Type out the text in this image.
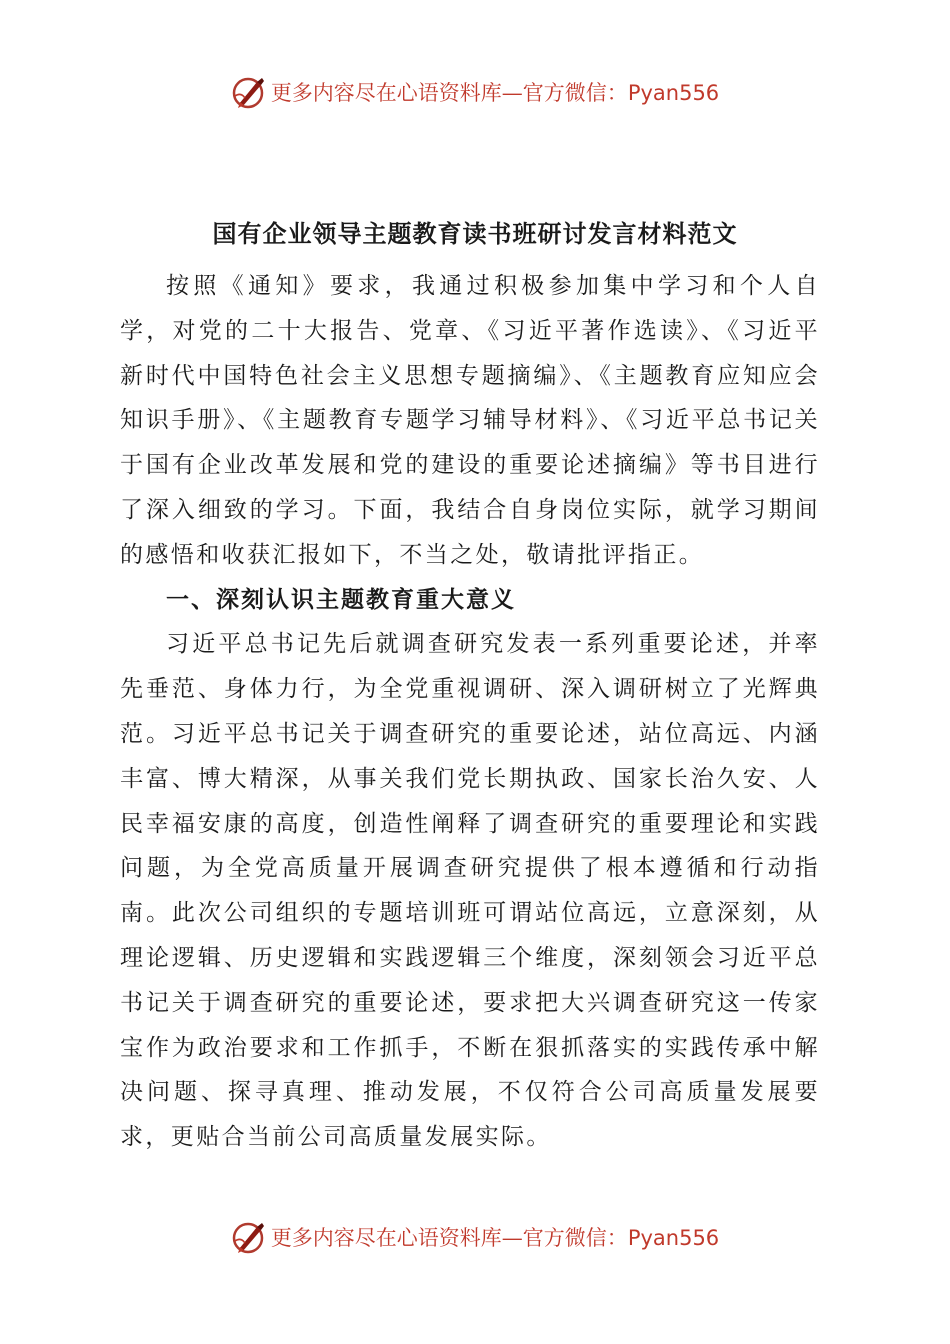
更多内容尽在心语资料库—官方微信：Pyan556
国有企业领导主题教育读书班研讨发言材料范文

按照《通知》要求，我通过积极参加集中学习和个人自学，对党的二十大报告、党章、《习近平著作选读》、《习近平新时代中国特色社会主义思想专题摘编》、《主题教育应知应会知识手册》、《主题教育专题学习辅导材料》、《习近平总书记关于国有企业改革发展和党的建设的重要论述摘编》等书目进行了深入细致的学习。下面，我结合自身岗位实际，就学习期间的感悟和收获汇报如下，不当之处，敬请批评指正。

一、深刻认识主题教育重大意义

习近平总书记先后就调查研究发表一系列重要论述，并率先垂范、身体力行，为全党重视调研、深入调研树立了光辉典范。习近平总书记关于调查研究的重要论述，站位高远、内涵丰富、博大精深，从事关我们党长期执政、国家长治久安、人民幸福安康的高度，创造性阐释了调查研究的重要理论和实践问题，为全党高质量开展调查研究提供了根本遵循和行动指南。此次公司组织的专题培训班可谓站位高远，立意深刻，从理论逻辑、历史逻辑和实践逻辑三个维度，深刻领会习近平总书记关于调查研究的重要论述，要求把大兴调查研究这一传家宝作为政治要求和工作抓手，不断在狠抓落实的实践传承中解决问题、探寻真理、推动发展，不仅符合公司高质量发展要求，更贴合当前公司高质量发展实际。

更多内容尽在心语资料库—官方微信：Pyan556
